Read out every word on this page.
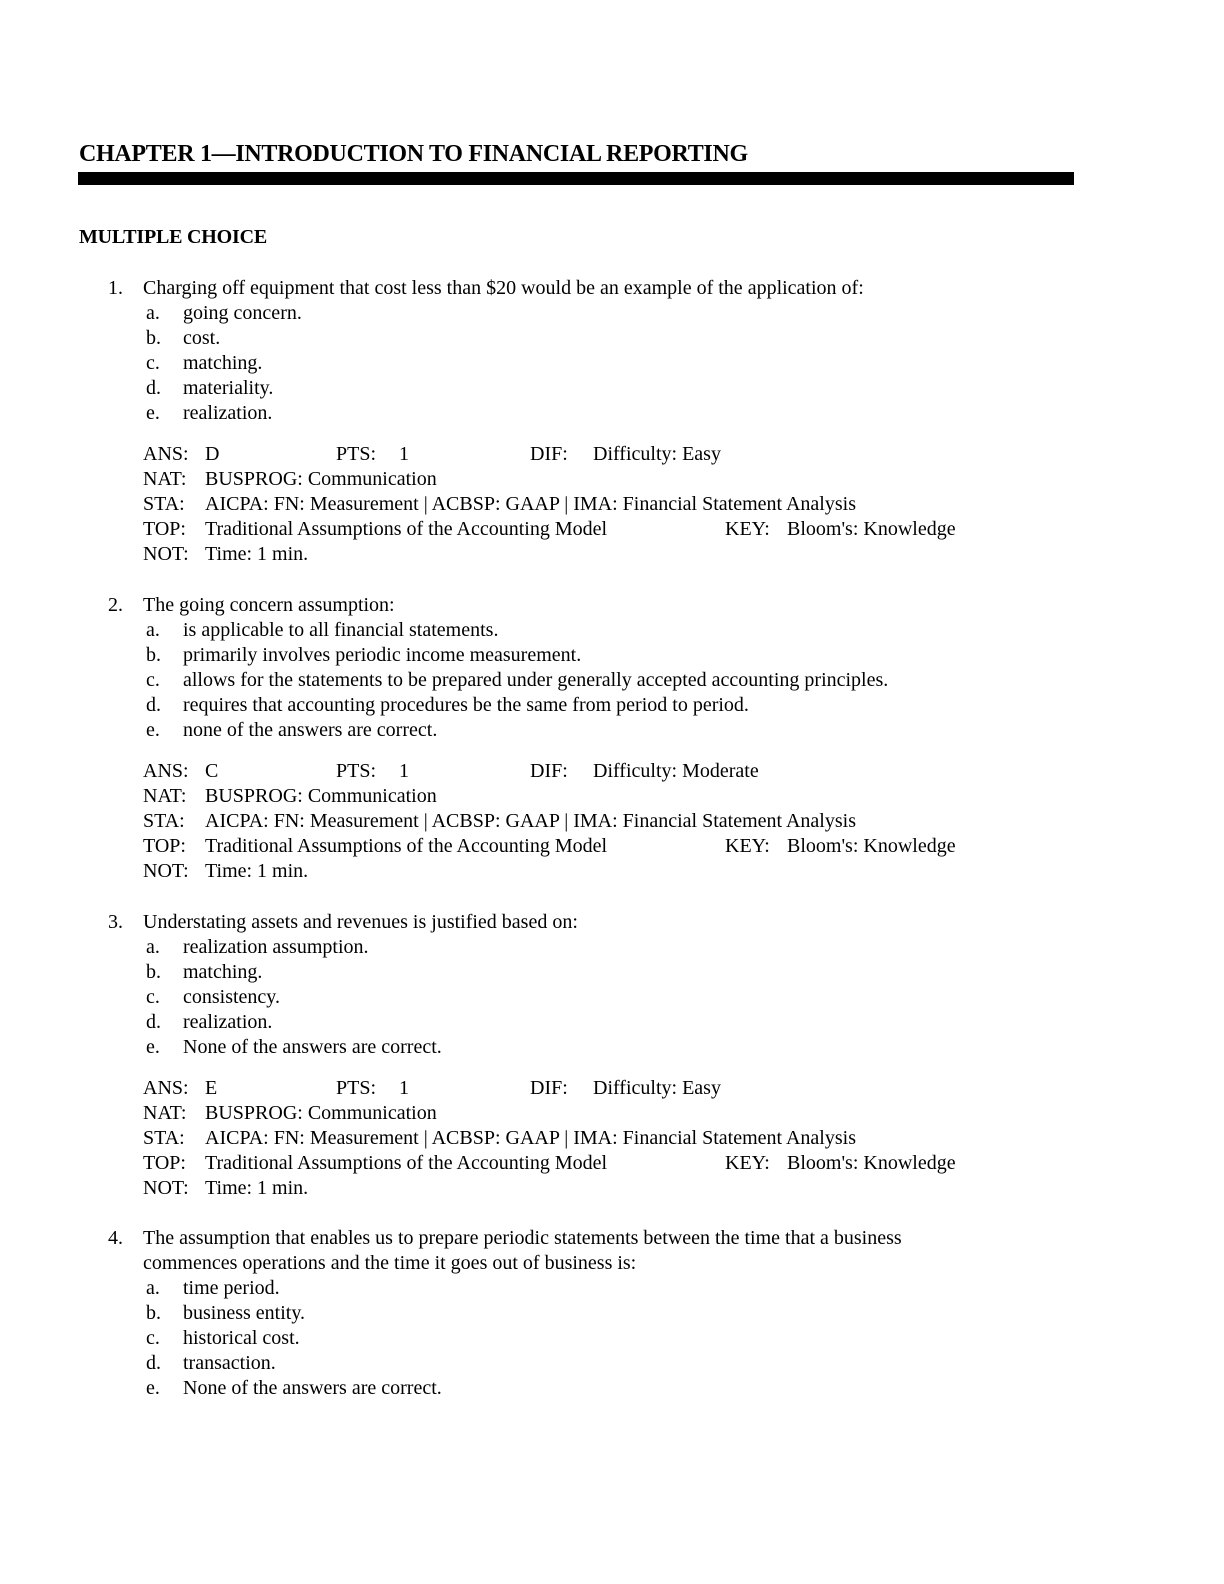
CHAPTER 1—INTRODUCTION TO FINANCIAL REPORTING
MULTIPLE CHOICE
1. Charging off equipment that cost less than $20 would be an example of the application of:
a. going concern.
b. cost.
c. matching.
d. materiality.
e. realization.
ANS: D	PTS: 1	DIF: Difficulty: Easy
NAT: BUSPROG: Communication
STA: AICPA: FN: Measurement | ACBSP: GAAP | IMA: Financial Statement Analysis
TOP: Traditional Assumptions of the Accounting Model	KEY: Bloom's: Knowledge
NOT: Time: 1 min.
2. The going concern assumption:
a. is applicable to all financial statements.
b. primarily involves periodic income measurement.
c. allows for the statements to be prepared under generally accepted accounting principles.
d. requires that accounting procedures be the same from period to period.
e. none of the answers are correct.
ANS: C	PTS: 1	DIF: Difficulty: Moderate
NAT: BUSPROG: Communication
STA: AICPA: FN: Measurement | ACBSP: GAAP | IMA: Financial Statement Analysis
TOP: Traditional Assumptions of the Accounting Model	KEY: Bloom's: Knowledge
NOT: Time: 1 min.
3. Understating assets and revenues is justified based on:
a. realization assumption.
b. matching.
c. consistency.
d. realization.
e. None of the answers are correct.
ANS: E	PTS: 1	DIF: Difficulty: Easy
NAT: BUSPROG: Communication
STA: AICPA: FN: Measurement | ACBSP: GAAP | IMA: Financial Statement Analysis
TOP: Traditional Assumptions of the Accounting Model	KEY: Bloom's: Knowledge
NOT: Time: 1 min.
4. The assumption that enables us to prepare periodic statements between the time that a business
commences operations and the time it goes out of business is:
a. time period.
b. business entity.
c. historical cost.
d. transaction.
e. None of the answers are correct.
